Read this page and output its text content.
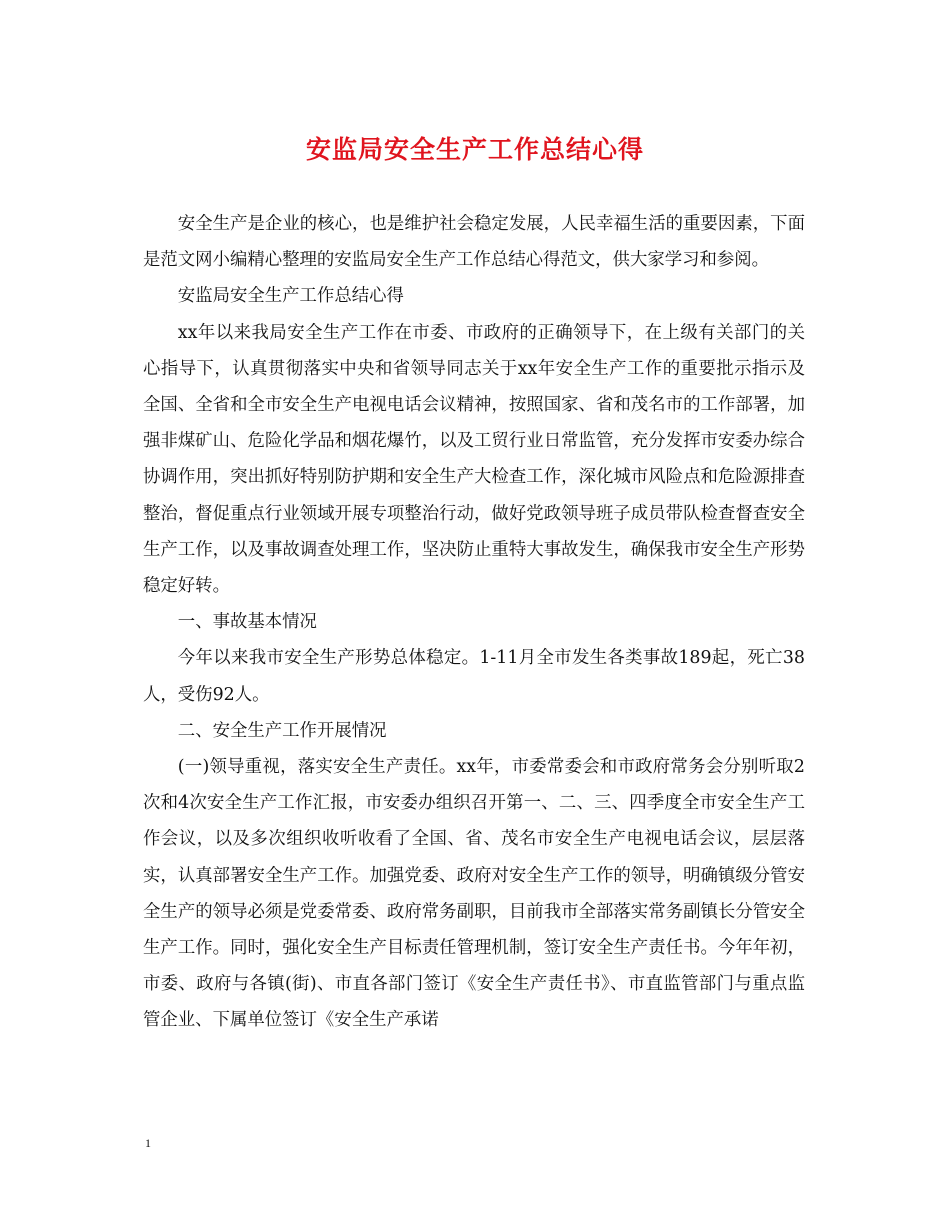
安监局安全生产工作总结心得

安全生产是企业的核心，也是维护社会稳定发展，人民幸福生活的重要因素，下面是范文网小编精心整理的安监局安全生产工作总结心得范文，供大家学习和参阅。

安监局安全生产工作总结心得

xx年以来我局安全生产工作在市委、市政府的正确领导下，在上级有关部门的关心指导下，认真贯彻落实中央和省领导同志关于xx年安全生产工作的重要批示指示及全国、全省和全市安全生产电视电话会议精神，按照国家、省和茂名市的工作部署，加强非煤矿山、危险化学品和烟花爆竹，以及工贸行业日常监管，充分发挥市安委办综合协调作用，突出抓好特别防护期和安全生产大检查工作，深化城市风险点和危险源排查整治，督促重点行业领域开展专项整治行动，做好党政领导班子成员带队检查督查安全生产工作，以及事故调查处理工作，坚决防止重特大事故发生，确保我市安全生产形势稳定好转。

一、事故基本情况

今年以来我市安全生产形势总体稳定。1-11月全市发生各类事故189起，死亡38人，受伤92人。

二、安全生产工作开展情况

(一)领导重视，落实安全生产责任。xx年，市委常委会和市政府常务会分别听取2次和4次安全生产工作汇报，市安委办组织召开第一、二、三、四季度全市安全生产工作会议，以及多次组织收听收看了全国、省、茂名市安全生产电视电话会议，层层落实，认真部署安全生产工作。加强党委、政府对安全生产工作的领导，明确镇级分管安全生产的领导必须是党委常委、政府常务副职，目前我市全部落实常务副镇长分管安全生产工作。同时，强化安全生产目标责任管理机制，签订安全生产责任书。今年年初，市委、政府与各镇(街)、市直各部门签订《安全生产责任书》、市直监管部门与重点监管企业、下属单位签订《安全生产承诺

1
